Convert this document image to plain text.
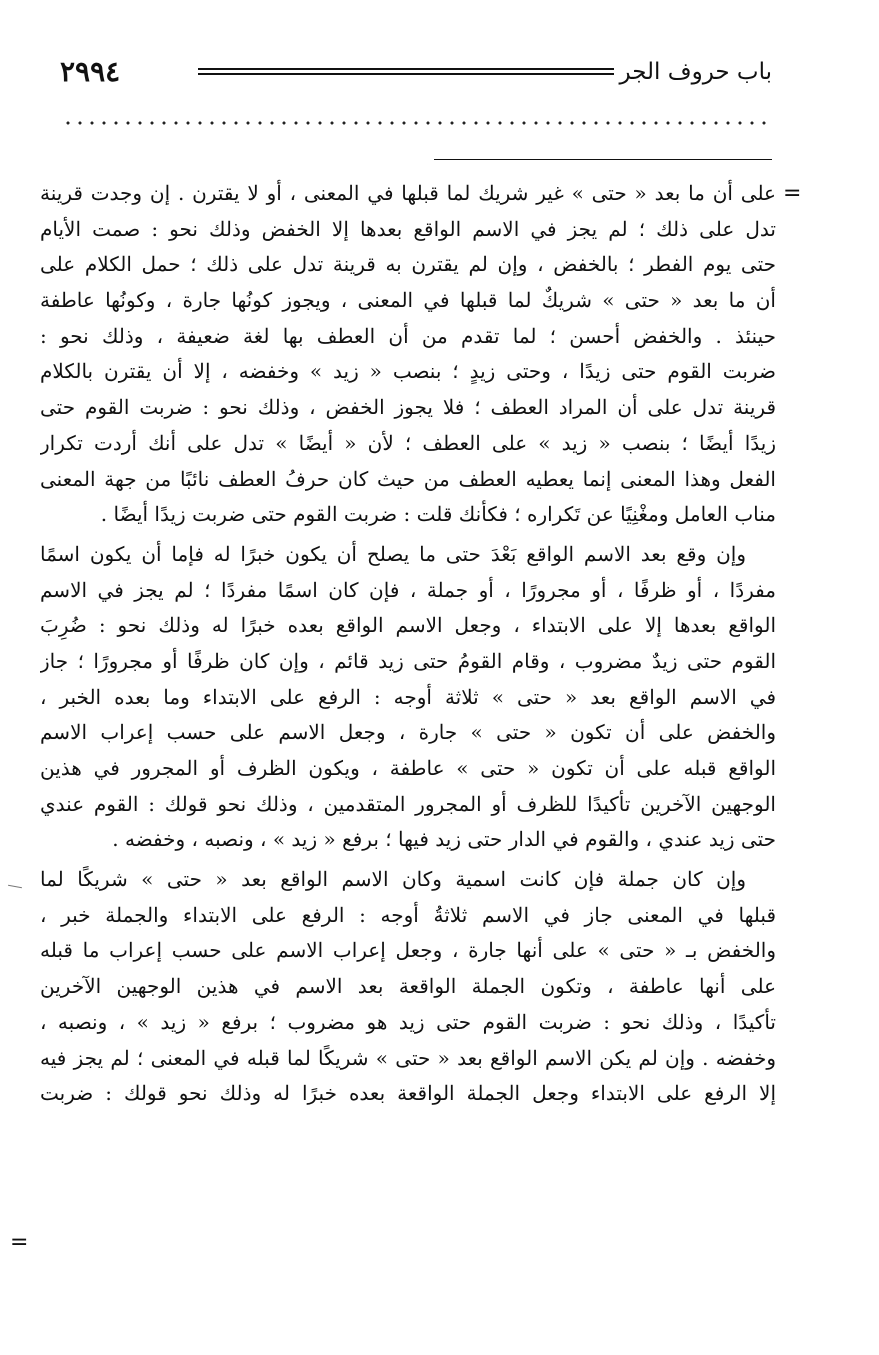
٢٩٩٤	باب حروف الجر
=
=
على أن ما بعد « حتى » غير شريك لما قبلها في المعنى ، أو لا يقترن . إن وجدت قرينة
تدل على ذلك ؛ لم يجز في الاسم الواقع بعدها إلا الخفض وذلك نحو : صمت الأيام
حتى يوم الفطر ؛ بالخفض ، وإن لم يقترن به قرينة تدل على ذلك ؛ حمل الكلام على
أن ما بعد « حتى » شريكٌ لما قبلها في المعنى ، ويجوز كونُها جارة ، وكونُها عاطفة
حينئذ . والخفض أحسن ؛ لما تقدم من أن العطف بها لغة ضعيفة ، وذلك نحو :
ضربت القوم حتى زيدًا ، وحتى زيدٍ ؛ بنصب « زيد » وخفضه ، إلا أن يقترن بالكلام
قرينة تدل على أن المراد العطف ؛ فلا يجوز الخفض ، وذلك نحو : ضربت القوم حتى
زيدًا أيضًا ؛ بنصب « زيد » على العطف ؛ لأن « أيضًا » تدل على أنك أردت تكرار
الفعل وهذا المعنى إنما يعطيه العطف من حيث كان حرفُ العطف نائبًا من جهة المعنى
مناب العامل ومغْنِيًا عن تَكراره ؛ فكأنك قلت : ضربت القوم حتى ضربت زيدًا أيضًا .
وإن وقع بعد الاسم الواقع بَعْدَ حتى ما يصلح أن يكون خبرًا له فإما أن يكون اسمًا
مفردًا ، أو ظرفًا ، أو مجرورًا ، أو جملة ، فإن كان اسمًا مفردًا ؛ لم يجز في الاسم
الواقع بعدها إلا على الابتداء ، وجعل الاسم الواقع بعده خبرًا له وذلك نحو : ضُرِبَ
القوم حتى زيدٌ مضروب ، وقام القومُ حتى زيد قائم ، وإن كان ظرفًا أو مجرورًا ؛ جاز
في الاسم الواقع بعد « حتى » ثلاثة أوجه : الرفع على الابتداء وما بعده الخبر ،
والخفض على أن تكون « حتى » جارة ، وجعل الاسم على حسب إعراب الاسم
الواقع قبله على أن تكون « حتى » عاطفة ، ويكون الظرف أو المجرور في هذين
الوجهين الآخرين تأكيدًا للظرف أو المجرور المتقدمين ، وذلك نحو قولك : القوم عندي
حتى زيد عندي ، والقوم في الدار حتى زيد فيها ؛ برفع « زيد » ، ونصبه ، وخفضه .
وإن كان جملة فإن كانت اسمية وكان الاسم الواقع بعد « حتى » شريكًا لما
قبلها في المعنى جاز في الاسم ثلاثةُ أوجه : الرفع على الابتداء والجملة خبر ،
والخفض بـ « حتى » على أنها جارة ، وجعل إعراب الاسم على حسب إعراب ما قبله
على أنها عاطفة ، وتكون الجملة الواقعة بعد الاسم في هذين الوجهين الآخرين
تأكيدًا ، وذلك نحو : ضربت القوم حتى زيد هو مضروب ؛ برفع « زيد » ، ونصبه ،
وخفضه . وإن لم يكن الاسم الواقع بعد « حتى » شريكًا لما قبله في المعنى ؛ لم يجز فيه
إلا الرفع على الابتداء وجعل الجملة الواقعة بعده خبرًا له وذلك نحو قولك : ضربت
